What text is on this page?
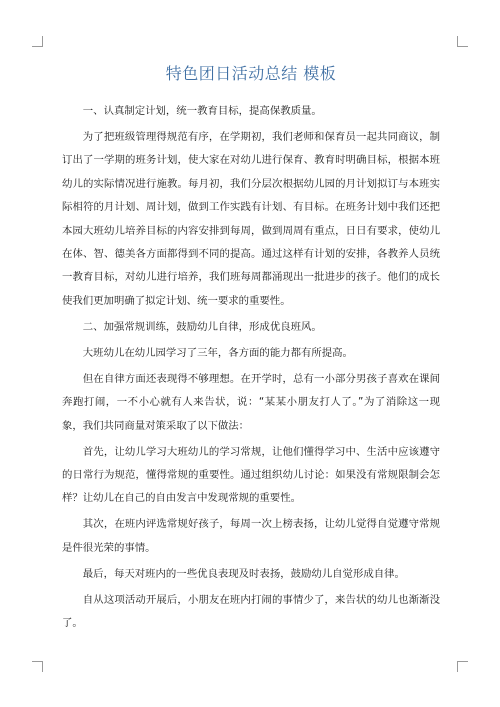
特色团日活动总结 模板

一、认真制定计划，统一教育目标，提高保教质量。

为了把班级管理得规范有序，在学期初，我们老师和保育员一起共同商议，制订出了一学期的班务计划，使大家在对幼儿进行保育、教育时明确目标，根据本班幼儿的实际情况进行施教。每月初，我们分层次根据幼儿园的月计划拟订与本班实际相符的月计划、周计划，做到工作实践有计划、有目标。在班务计划中我们还把本园大班幼儿培养目标的内容安排到每周，做到周周有重点，日日有要求，使幼儿在体、智、德美各方面都得到不同的提高。通过这样有计划的安排，各教养人员统一教育目标，对幼儿进行培养，我们班每周都涌现出一批进步的孩子。他们的成长使我们更加明确了拟定计划、统一要求的重要性。

二、加强常规训练，鼓励幼儿自律，形成优良班风。

大班幼儿在幼儿园学习了三年，各方面的能力都有所提高。

但在自律方面还表现得不够理想。在开学时，总有一小部分男孩子喜欢在课间奔跑打闹，一不小心就有人来告状，说：“某某小朋友打人了。”为了消除这一现象，我们共同商量对策采取了以下做法：

首先，让幼儿学习大班幼儿的学习常规，让他们懂得学习中、生活中应该遵守的日常行为规范，懂得常规的重要性。通过组织幼儿讨论：如果没有常规限制会怎样？让幼儿在自己的自由发言中发现常规的重要性。

其次，在班内评选常规好孩子，每周一次上榜表扬，让幼儿觉得自觉遵守常规是件很光荣的事情。

最后，每天对班内的一些优良表现及时表扬，鼓励幼儿自觉形成自律。

自从这项活动开展后，小朋友在班内打闹的事情少了，来告状的幼儿也渐渐没了。
